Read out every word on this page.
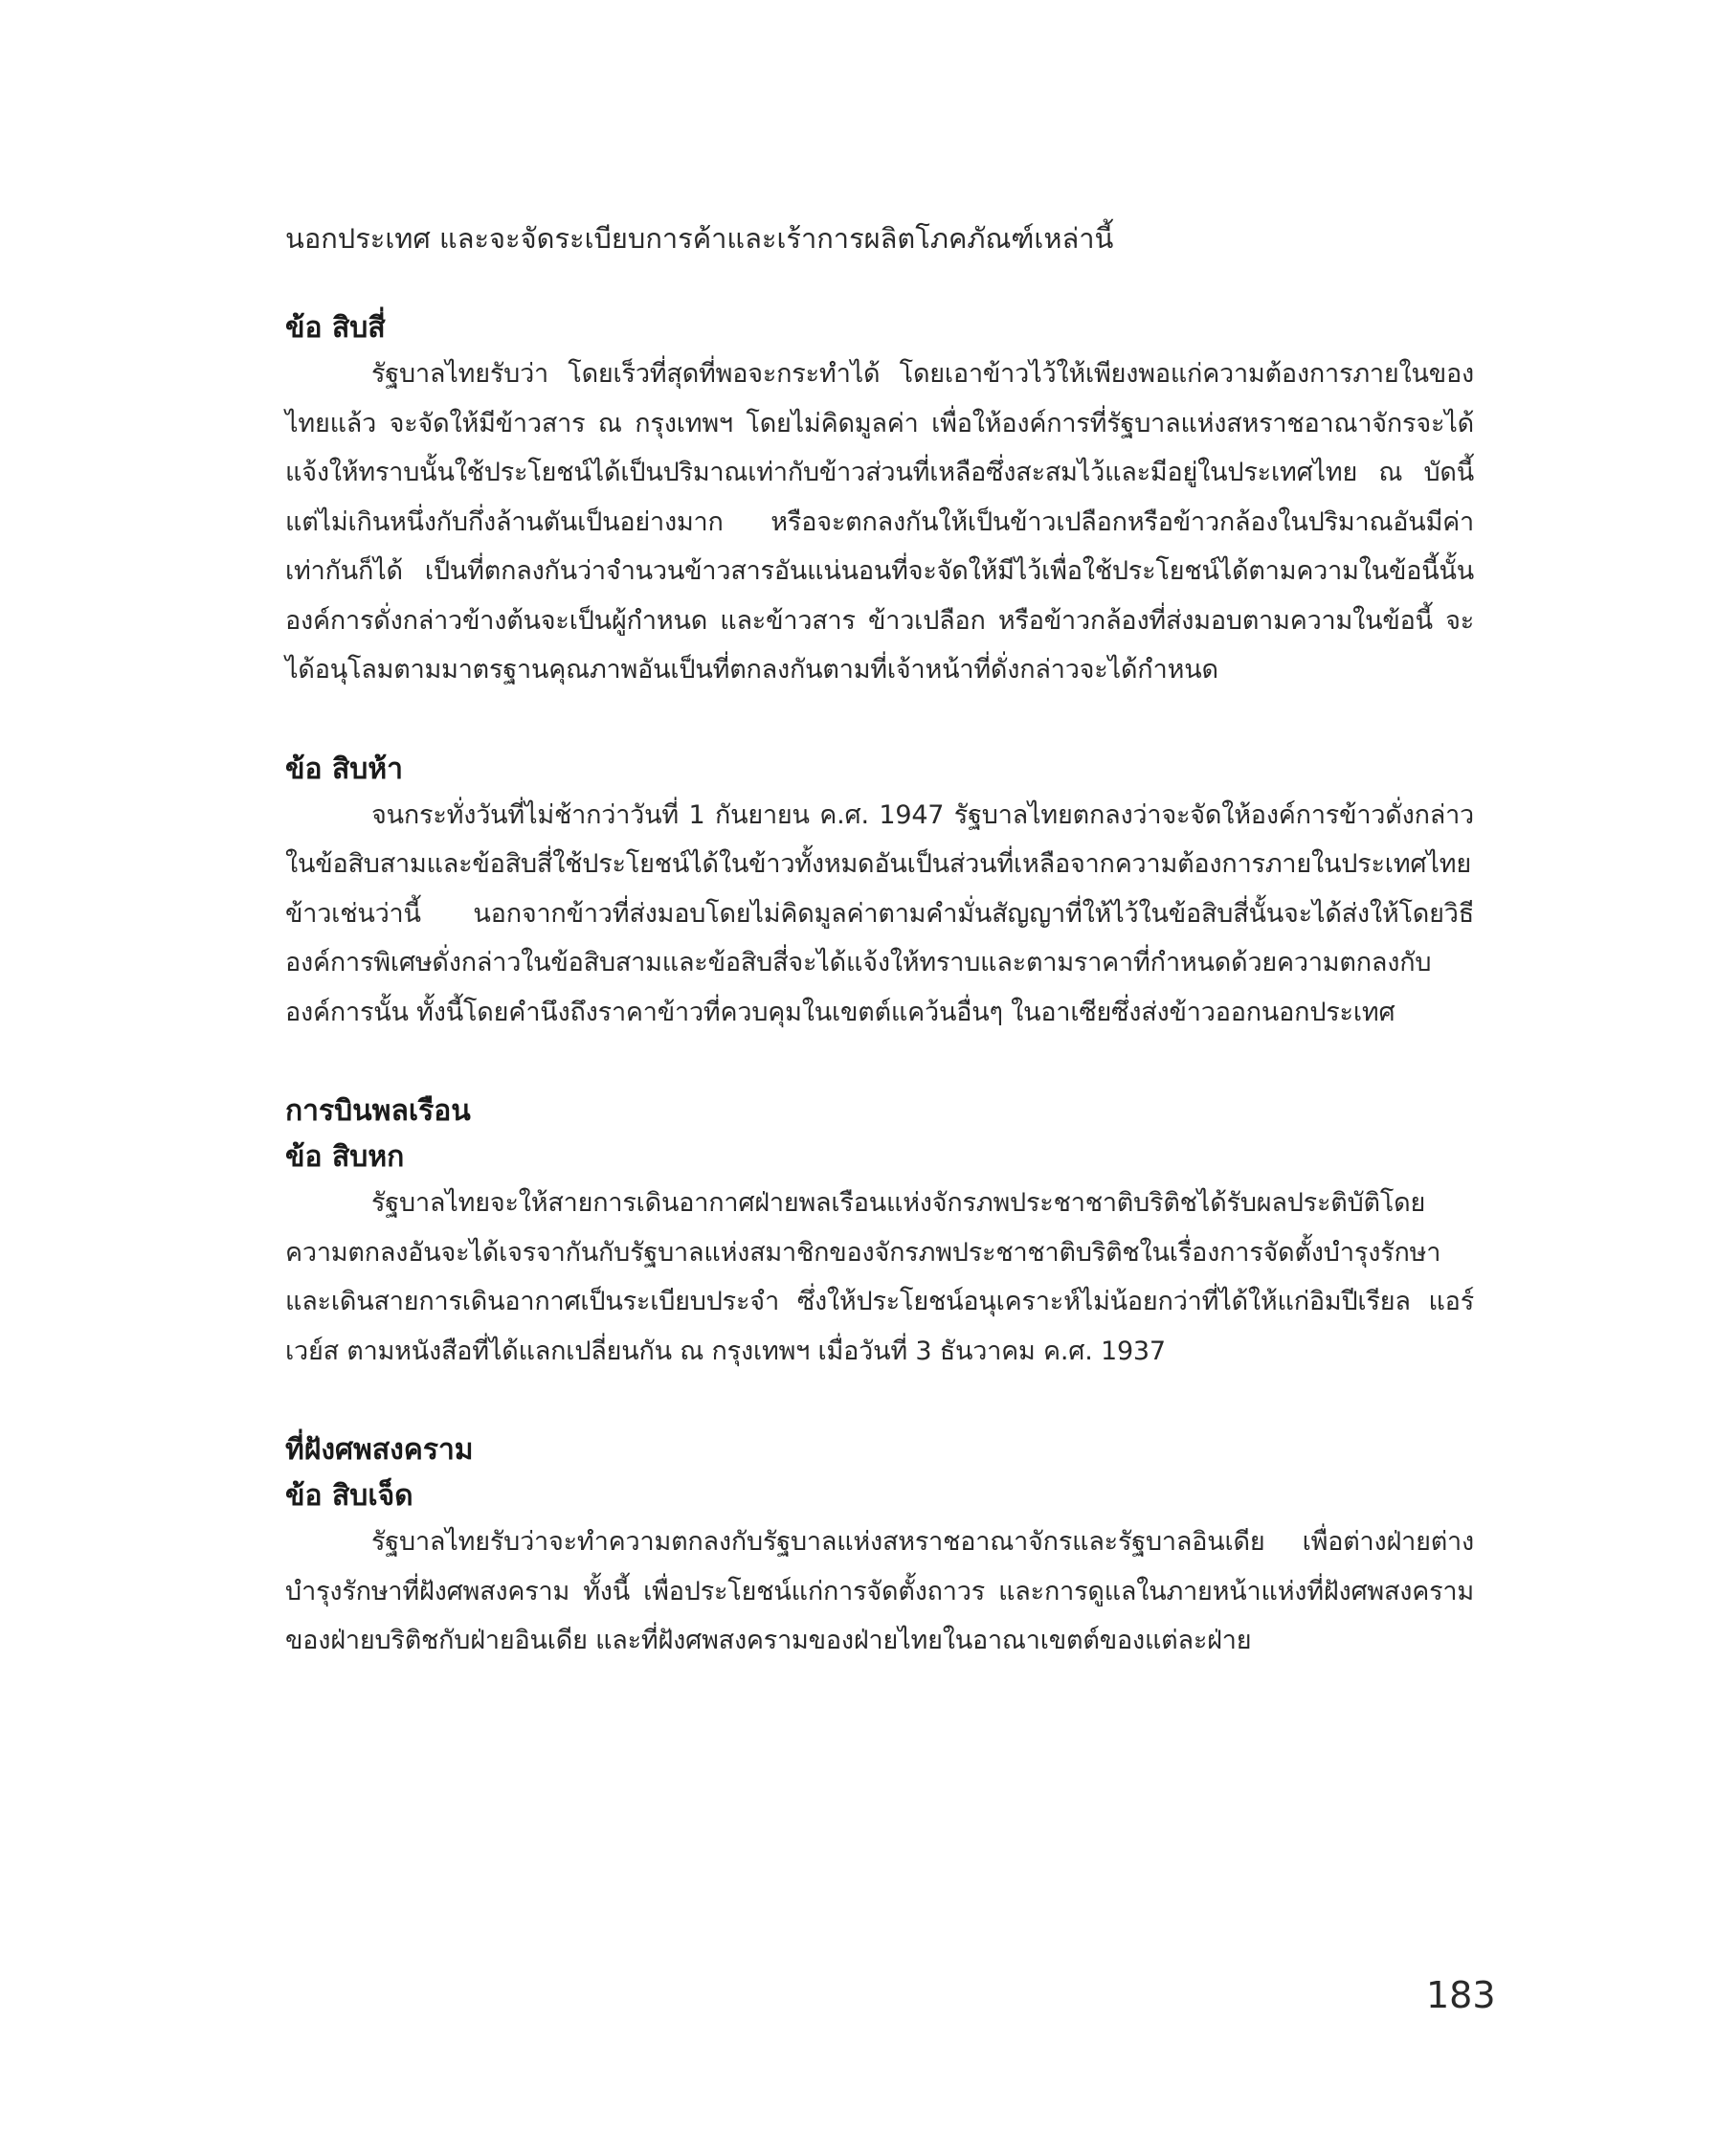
นอกประเทศ และจะจัดระเบียบการค้าและเร้าการผลิตโภคภัณฑ์เหล่านี้

ข้อ สิบสี่

รัฐบาลไทยรับว่า โดยเร็วที่สุดที่พอจะกระทำได้ โดยเอาข้าวไว้ให้เพียงพอแก่ความต้องการภายในของไทยแล้ว จะจัดให้มีข้าวสาร ณ กรุงเทพฯ โดยไม่คิดมูลค่า เพื่อให้องค์การที่รัฐบาลแห่งสหราชอาณาจักรจะได้แจ้งให้ทราบนั้นใช้ประโยชน์ได้เป็นปริมาณเท่ากับข้าวส่วนที่เหลือซึ่งสะสมไว้และมีอยู่ในประเทศไทย ณ บัดนี้ แต่ไม่เกินหนึ่งกับกึ่งล้านตันเป็นอย่างมาก หรือจะตกลงกันให้เป็นข้าวเปลือกหรือข้าวกล้องในปริมาณอันมีค่าเท่ากันก็ได้ เป็นที่ตกลงกันว่าจำนวนข้าวสารอันแน่นอนที่จะจัดให้มีไว้เพื่อใช้ประโยชน์ได้ตามความในข้อนี้นั้น องค์การดั่งกล่าวข้างต้นจะเป็นผู้กำหนด และข้าวสาร ข้าวเปลือก หรือข้าวกล้องที่ส่งมอบตามความในข้อนี้ จะได้อนุโลมตามมาตรฐานคุณภาพอันเป็นที่ตกลงกันตามที่เจ้าหน้าที่ดั่งกล่าวจะได้กำหนด

ข้อ สิบห้า

จนกระทั่งวันที่ไม่ช้ากว่าวันที่ 1 กันยายน ค.ศ. 1947 รัฐบาลไทยตกลงว่าจะจัดให้องค์การข้าวดั่งกล่าวในข้อสิบสามและข้อสิบสี่ใช้ประโยชน์ได้ในข้าวทั้งหมดอันเป็นส่วนที่เหลือจากความต้องการภายในประเทศไทย ข้าวเช่นว่านี้ นอกจากข้าวที่ส่งมอบโดยไม่คิดมูลค่าตามคำมั่นสัญญาที่ให้ไว้ในข้อสิบสี่นั้นจะได้ส่งให้โดยวิธีองค์การพิเศษดั่งกล่าวในข้อสิบสามและข้อสิบสี่จะได้แจ้งให้ทราบและตามราคาที่กำหนดด้วยความตกลงกับองค์การนั้น ทั้งนี้โดยคำนึงถึงราคาข้าวที่ควบคุมในเขตต์แคว้นอื่นๆ ในอาเซียซึ่งส่งข้าวออกนอกประเทศ

การบินพลเรือน
ข้อ สิบหก

รัฐบาลไทยจะให้สายการเดินอากาศฝ่ายพลเรือนแห่งจักรภพประชาชาติบริติชได้รับผลประติบัติโดยความตกลงอันจะได้เจรจากันกับรัฐบาลแห่งสมาชิกของจักรภพประชาชาติบริติชในเรื่องการจัดตั้งบำรุงรักษา และเดินสายการเดินอากาศเป็นระเบียบประจำ ซึ่งให้ประโยชน์อนุเคราะห์ไม่น้อยกว่าที่ได้ให้แก่อิมปีเรียล แอร์เวย์ส ตามหนังสือที่ได้แลกเปลี่ยนกัน ณ กรุงเทพฯ เมื่อวันที่ 3 ธันวาคม ค.ศ. 1937

ที่ฝังศพสงคราม
ข้อ สิบเจ็ด

รัฐบาลไทยรับว่าจะทำความตกลงกับรัฐบาลแห่งสหราชอาณาจักรและรัฐบาลอินเดีย เพื่อต่างฝ่ายต่างบำรุงรักษาที่ฝังศพสงคราม ทั้งนี้ เพื่อประโยชน์แก่การจัดตั้งถาวร และการดูแลในภายหน้าแห่งที่ฝังศพสงครามของฝ่ายบริติชกับฝ่ายอินเดีย และที่ฝังศพสงครามของฝ่ายไทยในอาณาเขตต์ของแต่ละฝ่าย

183
